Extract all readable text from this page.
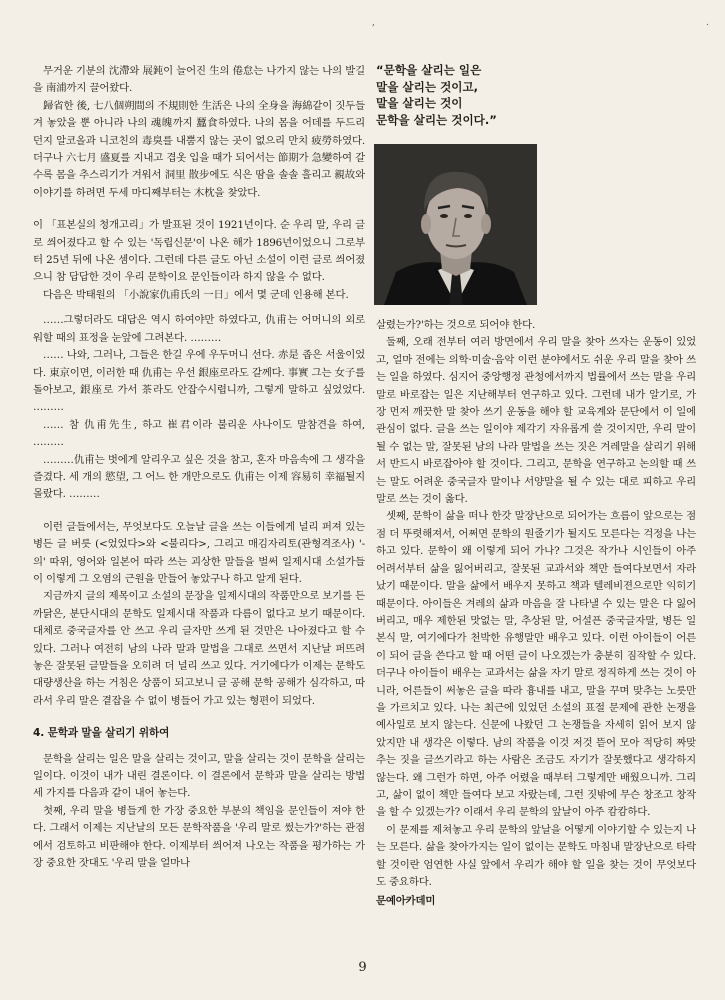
,	.

무거운 기분의 沈滯와 展鈍이 늘어진 生의 倦怠는 나가지 않는 나의 발길을 南浦까지 끌어왔다.

歸省한 後, 七八個朔間의 不規則한 生活은 나의 全身을 海綿같이 짓두들겨 놓았을 뿐 아니라 나의 魂魄까지 蠶食하였다. 나의 몸을 어데를 두드리던지 알코올과 니코친의 毒臭를 내뿜지 않는 곳이 없으리 만치 疲勞하였다. 더구나 六七月 盛夏를 지내고 겹옷 입을 때가 되어서는 節期가 急變하여 갈수록 몸을 추스리기가 겨워서 洞里 散步에도 식은 땀을 솔솔 흘리고 親故와 이야기를 하려면 두세 마디째부터는 木枕을 찾았다.

이 「표본실의 청개고리」가 발표된 것이 1921년이다. 순 우리 말, 우리 글로 씌어졌다고 할 수 있는 '독립신문'이 나온 해가 1896년이었으니 그로부터 25년 뒤에 나온 셈이다. 그런데 다른 글도 아닌 소설이 이런 글로 씌어졌으니 참 답답한 것이 우리 문학이요 문인들이라 하지 않을 수 없다.

다음은 박태원의 「小說家仇甫氏의 一日」에서 몇 군데 인용해 본다.

……그렇더라도 대답은 역시 하여야만 하였다고, 仇甫는 어머니의 외로워할 때의 표정을 눈앞에 그려본다. ………

…… 나와, 그러나, 그들은 한길 우에 우두머니 선다. 赤是 좁은 서울이었다. 東京이면, 이러한 때 仇甫는 우선 銀座로라도 갈께다. 事實 그는 女子를 돌아보고, 銀座로 가서 茶라도 안잡수시렵니까, 그렇게 말하고 싶었었다. ………

…… 참 仇甫先生, 하고 崔君이라 불리운 사나이도 말참견을 하여, ………

………仇甫는 벗에게 알리우고 싶은 것을 참고, 혼자 마음속에 그 생각을 즐겼다. 세 개의 慾望, 그 어느 한 개만으로도 仇甫는 이제 容易히 幸福될지 몰랐다. ………

이런 글들에서는, 무엇보다도 오늘날 글을 쓰는 이들에게 널리 퍼져 있는 병든 글 버릇 (<었었다>와 <불리다>, 그리고 매김자리토(관형격조사) '-의' 따위, 영어와 일본어 따라 쓰는 괴상한 말들을 벌써 일제시대 소설가들이 이렇게 그 오염의 근원을 만들어 놓았구나 하고 알게 된다.

지금까지 글의 제목이고 소설의 문장을 일제시대의 작품만으로 보기를 든 까닭은, 분단시대의 문학도 일제시대 작품과 다름이 없다고 보기 때문이다. 대체로 중국글자를 안 쓰고 우리 글자만 쓰게 된 것만은 나아졌다고 할 수 있다. 그러나 여전히 남의 나라 말과 말법을 그대로 쓰면서 지난날 퍼뜨려 놓은 잘못된 글말들을 오히려 더 널리 쓰고 있다. 거기에다가 이제는 문학도 대량생산을 하는 거침은 상품이 되고보니 글 공해 문학 공해가 심각하고, 따라서 우리 말은 곁잡을 수 없이 병들어 가고 있는 형편이 되었다.

4. 문학과 말을 살리기 위하여

문학을 살리는 일은 말을 살리는 것이고, 말을 살리는 것이 문학을 살리는 일이다. 이것이 내가 내린 결론이다. 이 결론에서 문학과 말을 살리는 방법 세 가지를 다음과 같이 내어 놓는다.

첫째, 우리 말을 병들게 한 가장 중요한 부분의 책임을 문인들이 져야 한다. 그래서 이제는 지난날의 모든 문학작품을 '우리 말로 썼는가?'하는 관점에서 검토하고 비판해야 한다. 이제부터 씌어져 나오는 작품을 평가하는 가장 중요한 잣대도 '우리 말을 얼마나

“문학을 살리는 일은
말을 살리는 것이고,
말을 살리는 것이
문학을 살리는 것이다.”

살렸는가?'하는 것으로 되어야 한다.

둘째, 오래 전부터 여러 방면에서 우리 말을 찾아 쓰자는 운동이 있었고, 얼마 전에는 의학·미술·음악 이런 분야에서도 쉬운 우리 말을 찾아 쓰는 일을 하였다. 심지어 중앙행정 관청에서까지 법률에서 쓰는 말을 우리 말로 바로잡는 일은 지난해부터 연구하고 있다. 그런데 내가 알기로, 가장 먼저 깨끗한 말 찾아 쓰기 운동을 해야 할 교육계와 문단에서 이 일에 관심이 없다. 글을 쓰는 일이야 제각기 자유롭게 쓸 것이지만, 우리 말이 될 수 없는 말, 잘못된 남의 나라 말법을 쓰는 짓은 겨레말을 살리기 위해서 반드시 바로잡아야 할 것이다. 그리고, 문학을 연구하고 논의할 때 쓰는 말도 어려운 중국글자 말이나 서양말을 될 수 있는 대로 피하고 우리 말로 쓰는 것이 옳다.

셋째, 문학이 삶을 떠나 한갓 말장난으로 되어가는 흐름이 앞으로는 점점 더 뚜렷해져서, 어쩌면 문학의 원줄기가 될지도 모른다는 걱정을 나는 하고 있다. 문학이 왜 이렇게 되어 가나? 그것은 작가나 시인들이 아주 어려서부터 삶을 잃어버리고, 잘못된 교과서와 책만 들여다보면서 자라났기 때문이다. 말을 삶에서 배우지 못하고 책과 텔레비젼으로만 익히기 때문이다. 아이들은 겨레의 삶과 마음을 잘 나타낼 수 있는 말은 다 잃어버리고, 매우 제한된 맛없는 말, 추상된 말, 어설픈 중국글자말, 병든 일본식 말, 여기에다가 천박한 유행말만 배우고 있다. 이런 아이들이 어른이 되어 글을 쓴다고 할 때 어떤 글이 나오겠는가 충분히 짐작할 수 있다. 더구나 아이들이 배우는 교과서는 삶을 자기 말로 정직하게 쓰는 것이 아니라, 어른들이 써놓은 글을 따라 흉내를 내고, 말을 꾸며 맞추는 노릇만을 가르치고 있다. 나는 최근에 있었던 소설의 표절 문제에 관한 논쟁을 예사일로 보지 않는다. 신문에 나왔던 그 논쟁들을 자세히 읽어 보지 않았지만 내 생각은 이렇다. 남의 작품을 이것 저것 뜯어 모아 적당히 짜맞추는 짓을 글쓰기라고 하는 사람은 조금도 자기가 잘못했다고 생각하지 않는다. 왜 그런가 하면, 아주 어렸을 때부터 그렇게만 배웠으니까. 그리고, 삶이 없이 책만 들여다 보고 자랐는데, 그런 짓밖에 무슨 창조고 창작을 할 수 있겠는가? 이래서 우리 문학의 앞날이 아주 캄캄하다.

이 문제를 제쳐놓고 우리 문학의 앞날을 어떻게 이야기할 수 있는지 나는 모른다. 삶을 찾아가지는 일이 없이는 문학도 마침내 말장난으로 타락할 것이란 엄연한 사실 앞에서 우리가 해야 할 일을 찾는 것이 무엇보다도 중요하다.

문예아카데미

9
